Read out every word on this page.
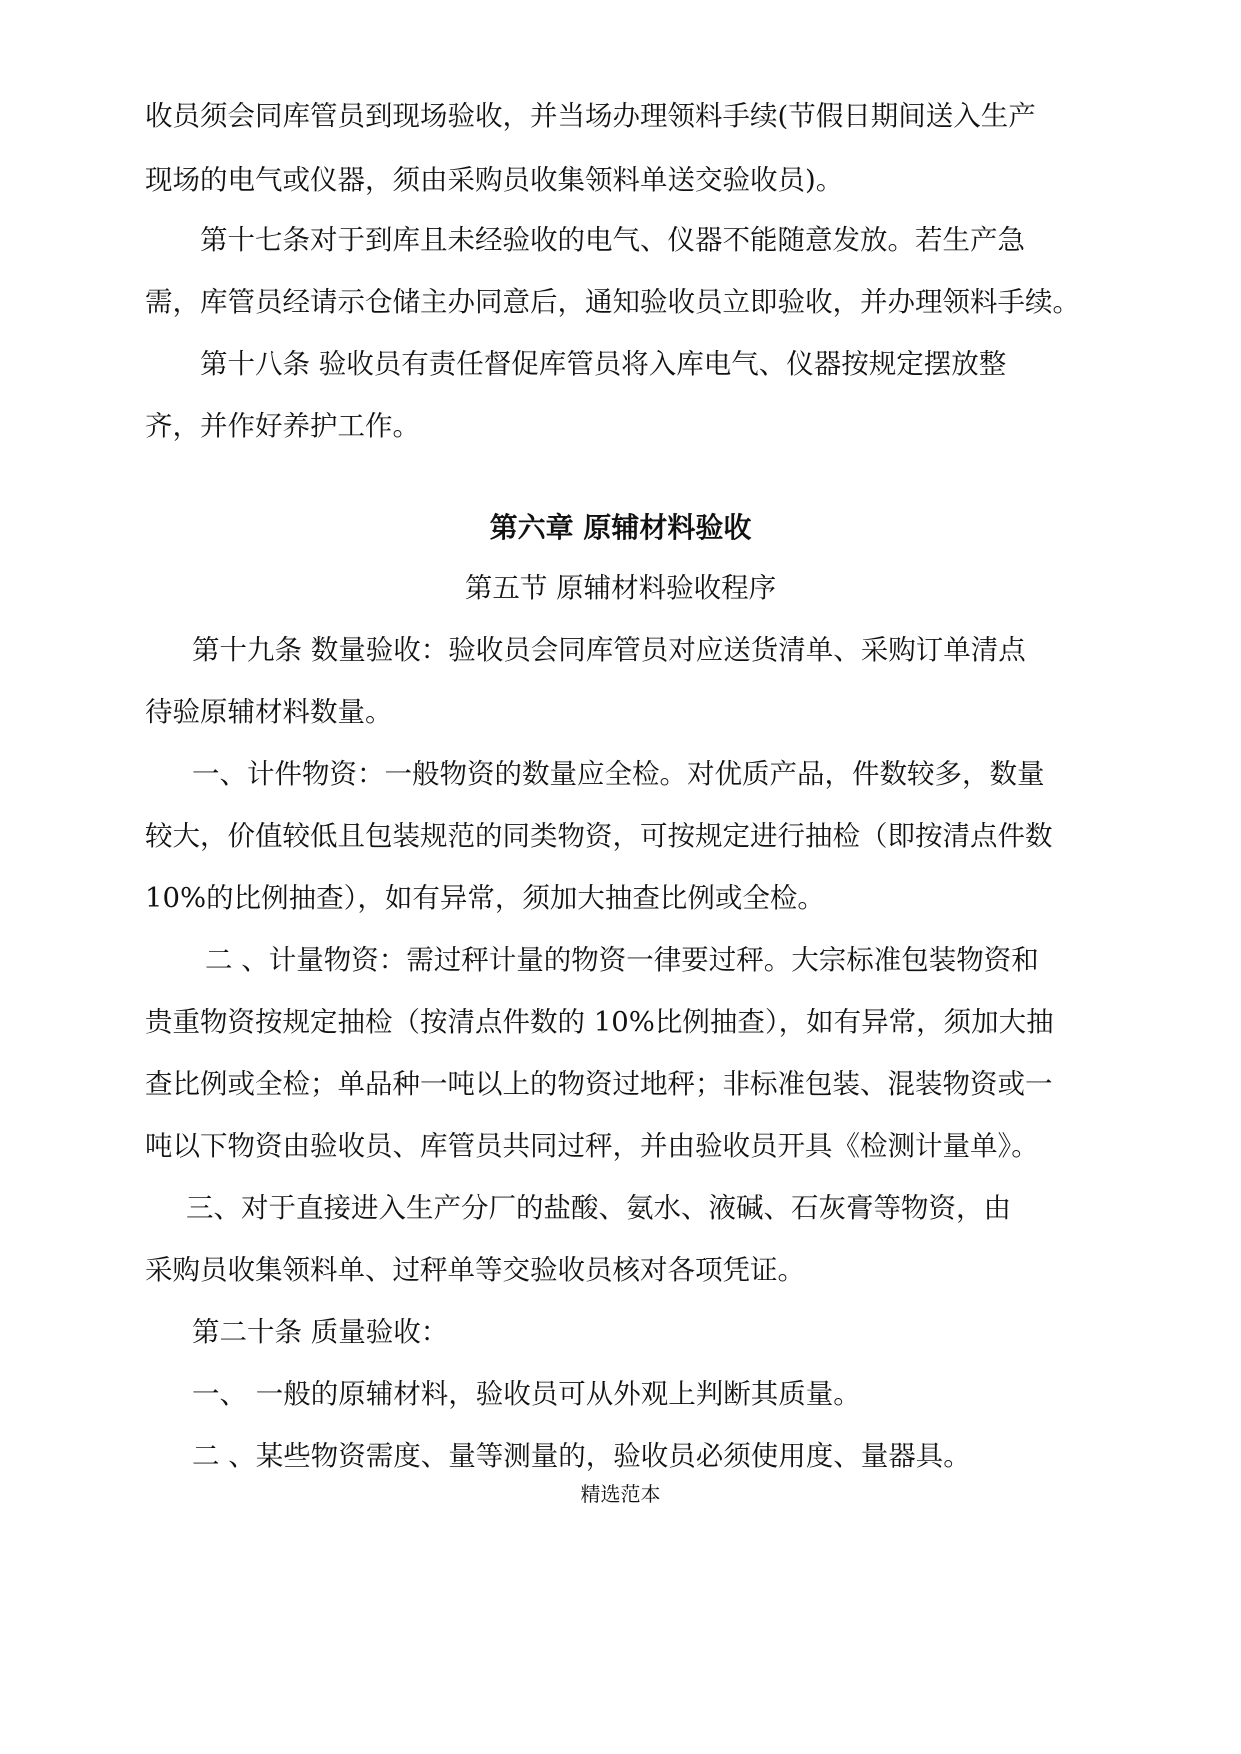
收员须会同库管员到现场验收，并当场办理领料手续(节假日期间送入生产
现场的电气或仪器，须由采购员收集领料单送交验收员)。
第十七条对于到库且未经验收的电气、仪器不能随意发放。若生产急
需，库管员经请示仓储主办同意后，通知验收员立即验收，并办理领料手续。
第十八条 验收员有责任督促库管员将入库电气、仪器按规定摆放整
齐，并作好养护工作。
第六章 原辅材料验收
第五节 原辅材料验收程序
第十九条 数量验收：验收员会同库管员对应送货清单、采购订单清点
待验原辅材料数量。
一、计件物资：一般物资的数量应全检。对优质产品，件数较多，数量
较大，价值较低且包装规范的同类物资，可按规定进行抽检（即按清点件数
10%的比例抽查），如有异常，须加大抽查比例或全检。
二 、计量物资：需过秤计量的物资一律要过秤。大宗标准包装物资和
贵重物资按规定抽检（按清点件数的 10%比例抽查），如有异常，须加大抽
查比例或全检；单品种一吨以上的物资过地秤；非标准包装、混装物资或一
吨以下物资由验收员、库管员共同过秤，并由验收员开具《检测计量单》。
三、对于直接进入生产分厂的盐酸、氨水、液碱、石灰膏等物资，由
采购员收集领料单、过秤单等交验收员核对各项凭证。
第二十条 质量验收：
一、 一般的原辅材料，验收员可从外观上判断其质量。
二 、某些物资需度、量等测量的，验收员必须使用度、量器具。
精选范本
